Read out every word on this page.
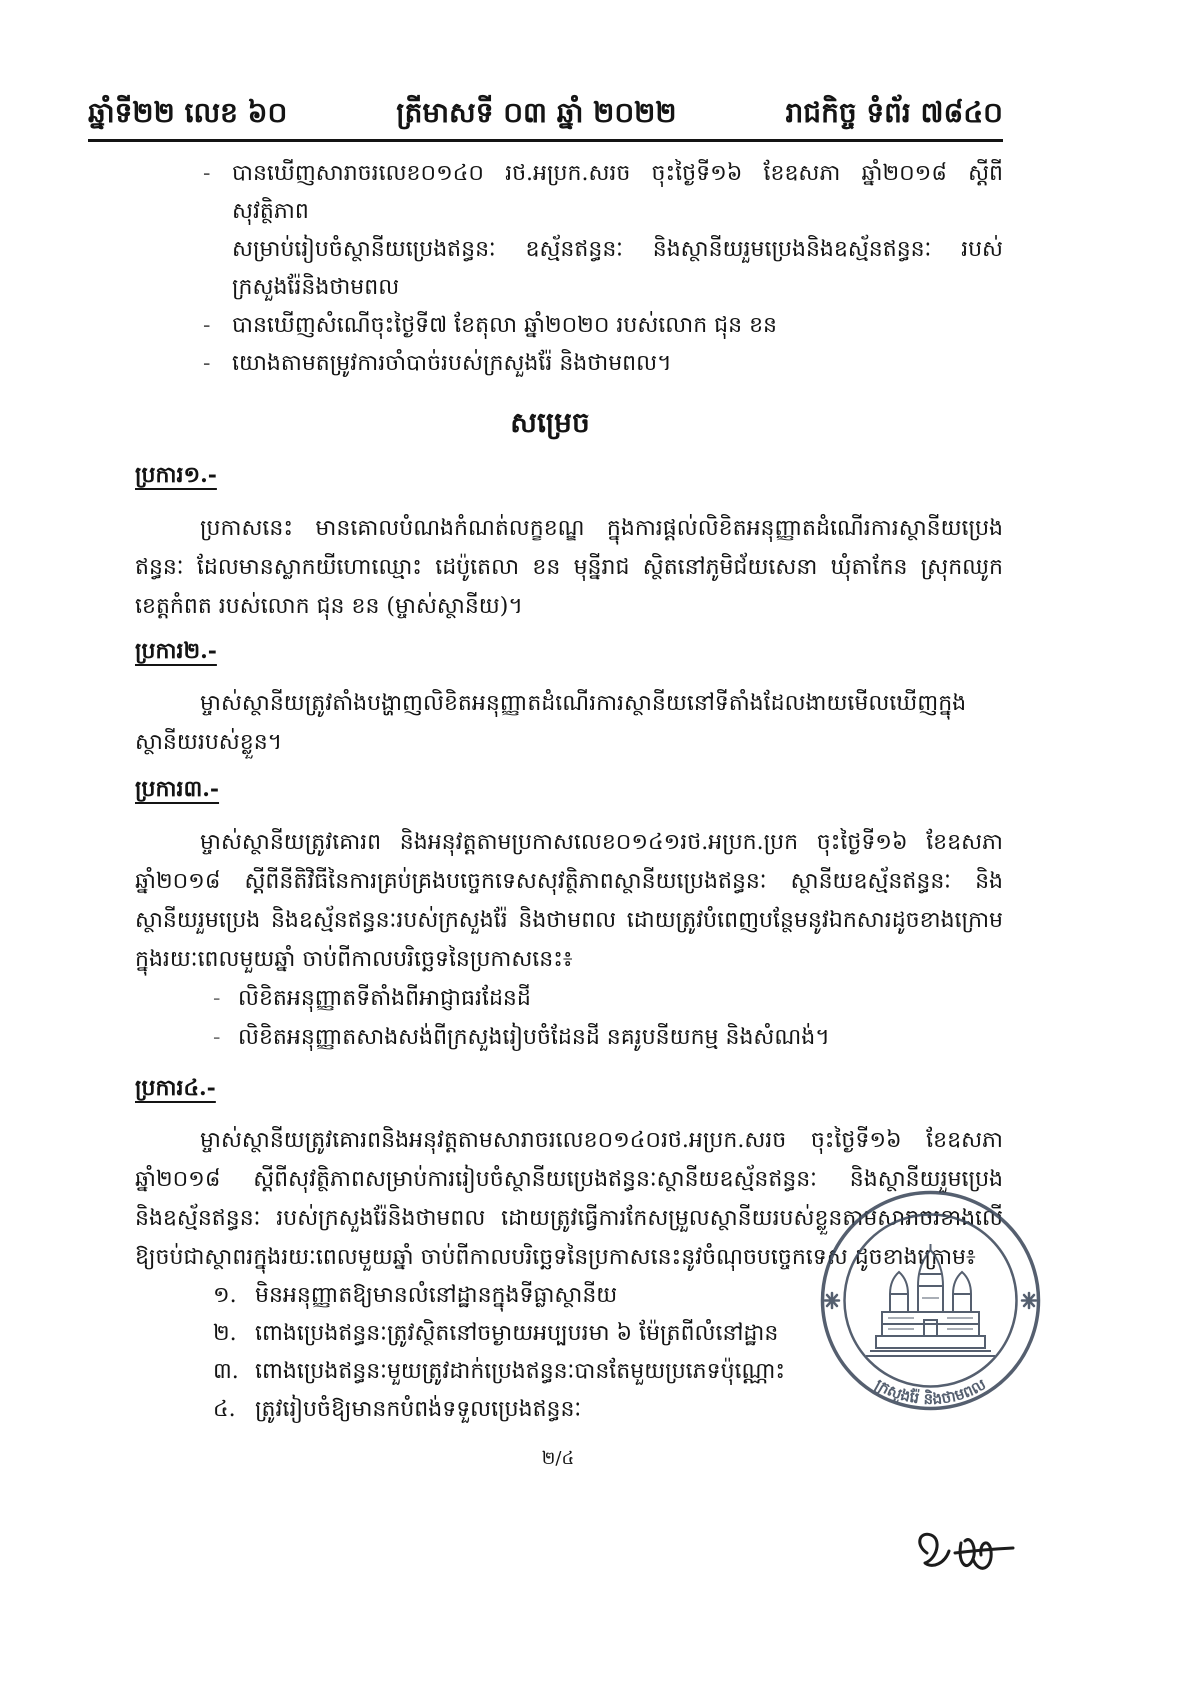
ឆ្នាំទី២២ លេខ ៦០	ត្រីមាសទី ០៣ ឆ្នាំ ២០២២	រាជកិច្ច ទំព័រ ៧៨៤០
- បានឃើញសារាចរលេខ០១៤០ រថ.អប្រក.សរច ចុះថ្ងៃទី១៦ ខែឧសភា ឆ្នាំ២០១៨ ស្តីពីសុវត្ថិភាព
សម្រាប់រៀបចំស្ថានីយប្រេងឥន្ធនៈ ឧស្ម័នឥន្ធនៈ និងស្ថានីយរួមប្រេងនិងឧស្ម័នឥន្ធនៈ របស់
ក្រសួងរ៉ែនិងថាមពល
- បានឃើញសំណើចុះថ្ងៃទី៧ ខែតុលា ឆ្នាំ២០២០ របស់លោក ជុន ខន
- យោងតាមតម្រូវការចាំបាច់របស់ក្រសួងរ៉ែ និងថាមពល។
សម្រេច
ប្រការ១.-
ប្រកាសនេះ មានគោលបំណងកំណត់លក្ខខណ្ឌ ក្នុងការផ្តល់លិខិតអនុញ្ញាតដំណើរការស្ថានីយប្រេង
ឥន្ធនៈ ដែលមានស្លាកយីហោឈ្មោះ ដេប៉ូតេលា ខន មុន្នីរាជ ស្ថិតនៅភូមិជ័យសេនា ឃុំតាកែន ស្រុកឈូក
ខេត្តកំពត របស់លោក ជុន ខន (ម្ចាស់ស្ថានីយ)។
ប្រការ២.-
ម្ចាស់ស្ថានីយត្រូវតាំងបង្ហាញលិខិតអនុញ្ញាតដំណើរការស្ថានីយនៅទីតាំងដែលងាយមើលឃើញក្នុង
ស្ថានីយរបស់ខ្លួន។
ប្រការ៣.-
ម្ចាស់ស្ថានីយត្រូវគោរព និងអនុវត្តតាមប្រកាសលេខ០១៤១រថ.អប្រក.ប្រក ចុះថ្ងៃទី១៦ ខែឧសភា
ឆ្នាំ២០១៨ ស្តីពីនីតិវិធីនៃការគ្រប់គ្រងបច្ចេកទេសសុវត្ថិភាពស្ថានីយប្រេងឥន្ធនៈ ស្ថានីយឧស្ម័នឥន្ធនៈ និង
ស្ថានីយរួមប្រេង និងឧស្ម័នឥន្ធនៈរបស់ក្រសួងរ៉ែ និងថាមពល ដោយត្រូវបំពេញបន្ថែមនូវឯកសារដូចខាងក្រោម
ក្នុងរយៈពេលមួយឆ្នាំ ចាប់ពីកាលបរិច្ឆេទនៃប្រកាសនេះ៖
- លិខិតអនុញ្ញាតទីតាំងពីអាជ្ញាធរដែនដី
- លិខិតអនុញ្ញាតសាងសង់ពីក្រសួងរៀបចំដែនដី នគរូបនីយកម្ម និងសំណង់។
ប្រការ៤.-
ម្ចាស់ស្ថានីយត្រូវគោរពនិងអនុវត្តតាមសារាចរលេខ០១៤០រថ.អប្រក.សរច ចុះថ្ងៃទី១៦ ខែឧសភា
ឆ្នាំ២០១៨ ស្តីពីសុវត្ថិភាពសម្រាប់ការរៀបចំស្ថានីយប្រេងឥន្ធនៈស្ថានីយឧស្ម័នឥន្ធនៈ និងស្ថានីយរួមប្រេង
និងឧស្ម័នឥន្ធនៈ របស់ក្រសួងរ៉ែនិងថាមពល ដោយត្រូវធ្វើការកែសម្រួលស្ថានីយរបស់ខ្លួនតាមសារាចរខាងលើ
ឱ្យចប់ជាស្ថាពរក្នុងរយៈពេលមួយឆ្នាំ ចាប់ពីកាលបរិច្ឆេទនៃប្រកាសនេះនូវចំណុចបច្ចេកទេស ដូចខាងក្រោម៖
១. មិនអនុញ្ញាតឱ្យមានលំនៅដ្ឋានក្នុងទីធ្លាស្ថានីយ
២. ពោងប្រេងឥន្ធនៈត្រូវស្ថិតនៅចម្ងាយអប្បបរមា ៦ ម៉ែត្រពីលំនៅដ្ឋាន
៣. ពោងប្រេងឥន្ធនៈមួយត្រូវដាក់ប្រេងឥន្ធនៈបានតែមួយប្រភេទប៉ុណ្ណោះ
៤. ត្រូវរៀបចំឱ្យមានកបំពង់ទទួលប្រេងឥន្ធនៈ
ក្រសួងរ៉ែ និងថាមពល
២/៤
